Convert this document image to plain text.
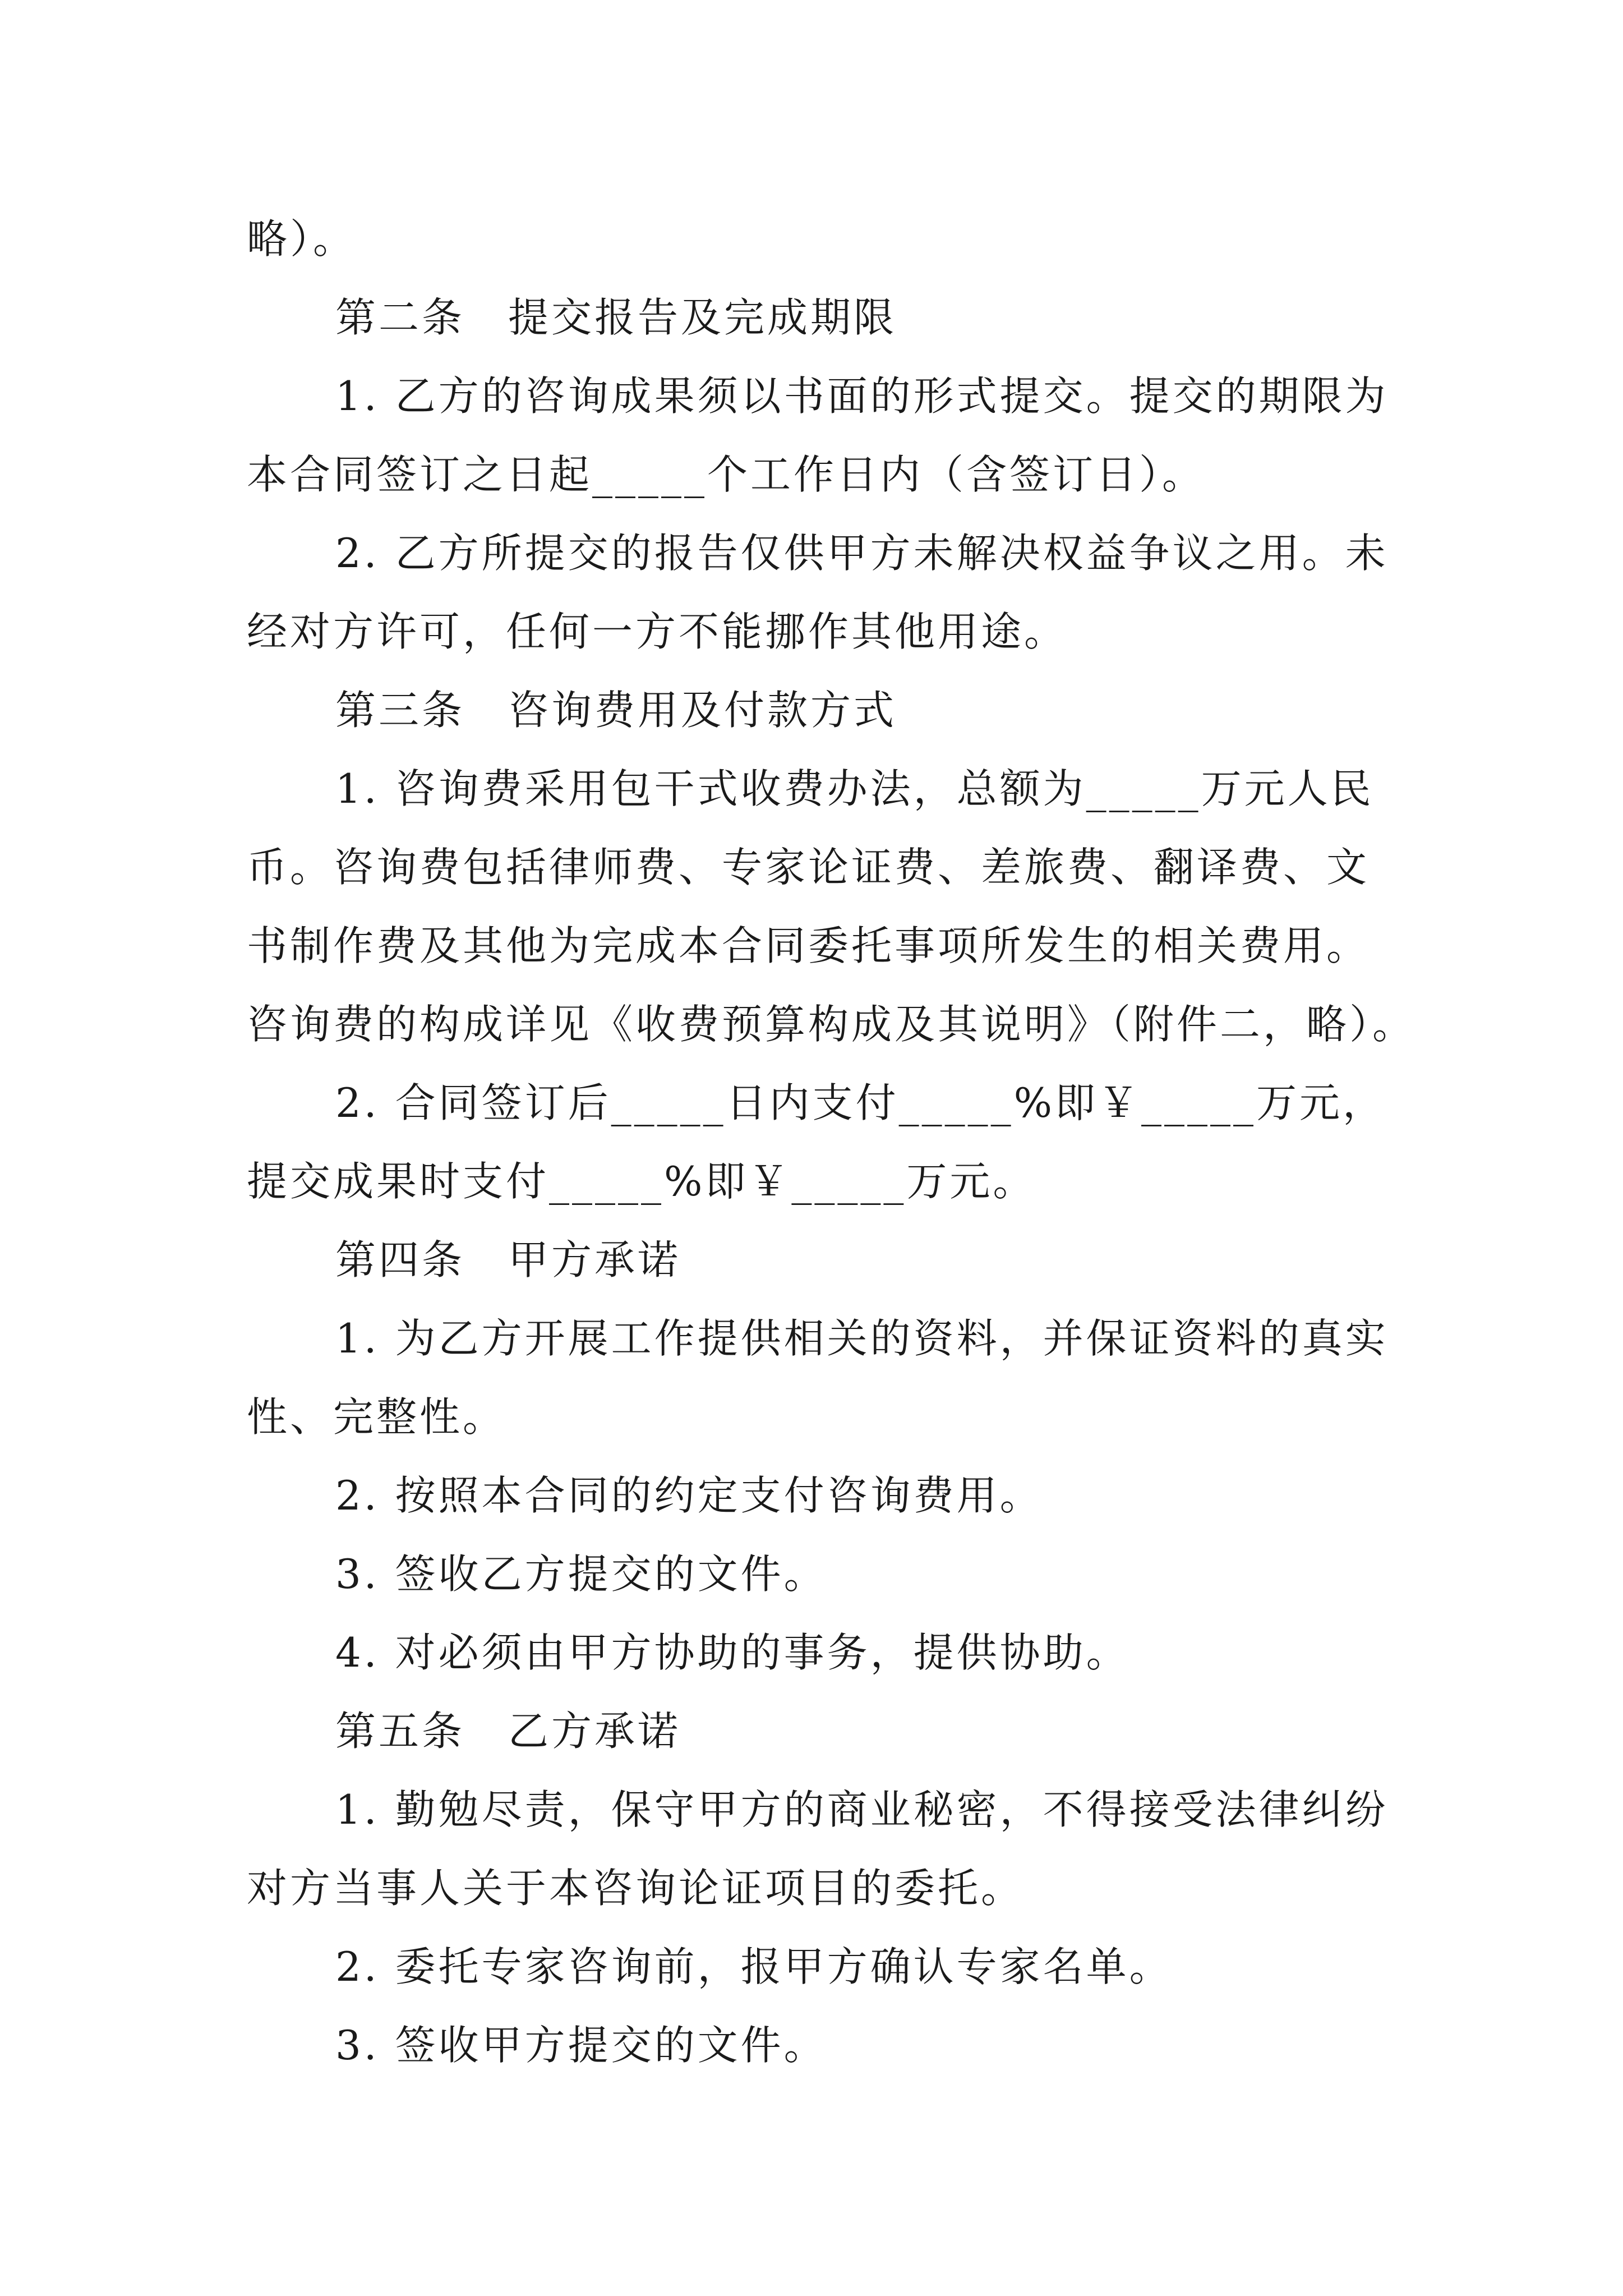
略）。
第二条　提交报告及完成期限
1. 乙方的咨询成果须以书面的形式提交。提交的期限为
本合同签订之日起_____个工作日内（含签订日）。
2. 乙方所提交的报告仅供甲方未解决权益争议之用。未
经对方许可，任何一方不能挪作其他用途。
第三条　咨询费用及付款方式
1. 咨询费采用包干式收费办法，总额为_____万元人民
币。咨询费包括律师费、专家论证费、差旅费、翻译费、文
书制作费及其他为完成本合同委托事项所发生的相关费用。
咨询费的构成详见《收费预算构成及其说明》（附件二，略）。
2. 合同签订后_____日内支付_____%即￥_____万元，
提交成果时支付_____%即￥_____万元。
第四条　甲方承诺
1. 为乙方开展工作提供相关的资料，并保证资料的真实
性、完整性。
2. 按照本合同的约定支付咨询费用。
3. 签收乙方提交的文件。
4. 对必须由甲方协助的事务，提供协助。
第五条　乙方承诺
1. 勤勉尽责，保守甲方的商业秘密，不得接受法律纠纷
对方当事人关于本咨询论证项目的委托。
2. 委托专家咨询前，报甲方确认专家名单。
3. 签收甲方提交的文件。
